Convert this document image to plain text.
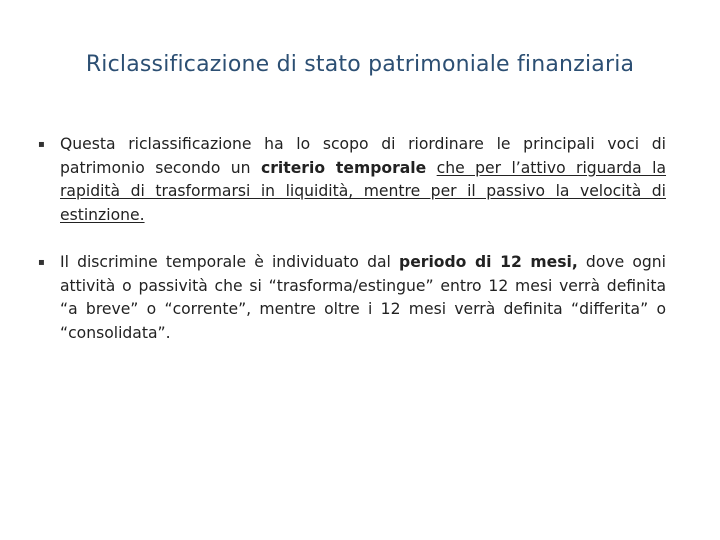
Riclassificazione di stato patrimoniale finanziaria
▪ Questa riclassificazione ha lo scopo di riordinare le principali voci di patrimonio secondo un criterio temporale che per l’attivo riguarda la rapidità di trasformarsi in liquidità, mentre per il passivo la velocità di estinzione.
▪ Il discrimine temporale è individuato dal periodo di 12 mesi, dove ogni attività o passività che si “trasforma/estingue” entro 12 mesi verrà definita “a breve” o “corrente”, mentre oltre i 12 mesi verrà definita “differita” o “consolidata”.
